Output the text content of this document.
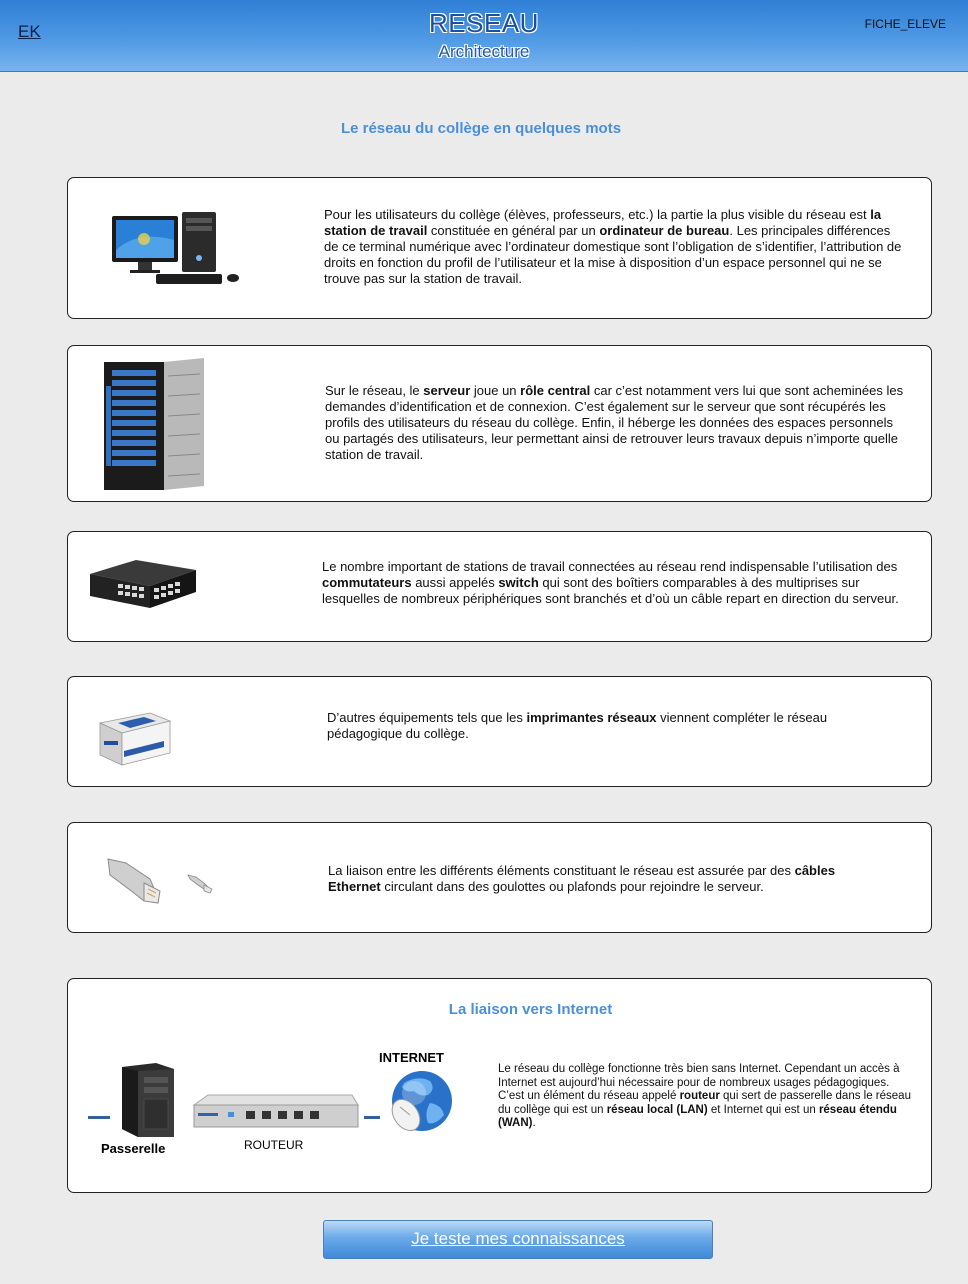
EK	RESEAU
Architecture
FICHE_ELEVE
Le réseau du collège en quelques mots
Pour les utilisateurs du collège (élèves, professeurs, etc.) la partie la plus visible du réseau est la station de travail constituée en général par un ordinateur de bureau. Les principales différences de ce terminal numérique avec l’ordinateur domestique sont l’obligation de s’identifier, l’attribution de droits en fonction du profil de l’utilisateur et la mise à disposition d’un espace personnel qui ne se trouve pas sur la station de travail.
Sur le réseau, le serveur joue un rôle central car c’est notamment vers lui que sont acheminées les demandes d’identification et de connexion. C’est également sur le serveur que sont récupérés les profils des utilisateurs du réseau du collège. Enfin, il héberge les données des espaces personnels ou partagés des utilisateurs, leur permettant ainsi de retrouver leurs travaux depuis n’importe quelle station de travail.
Le nombre important de stations de travail connectées au réseau rend indispensable l’utilisation des commutateurs aussi appelés switch qui sont des boîtiers comparables à des multiprises sur lesquelles de nombreux périphériques sont branchés et d’où un câble repart en direction du serveur.
D’autres équipements tels que les imprimantes réseaux viennent compléter le réseau pédagogique du collège.
La liaison entre les différents éléments constituant le réseau est assurée par des câbles Ethernet circulant dans des goulottes ou plafonds pour rejoindre le serveur.
La liaison vers Internet
Passerelle	ROUTEUR
INTERNET
Le réseau du collège fonctionne très bien sans Internet. Cependant un accès à Internet est aujourd’hui nécessaire pour de nombreux usages pédagogiques. C’est un élément du réseau appelé routeur qui sert de passerelle dans le réseau du collège qui est un réseau local (LAN) et Internet qui est un réseau étendu (WAN).
Je teste mes connaissances
